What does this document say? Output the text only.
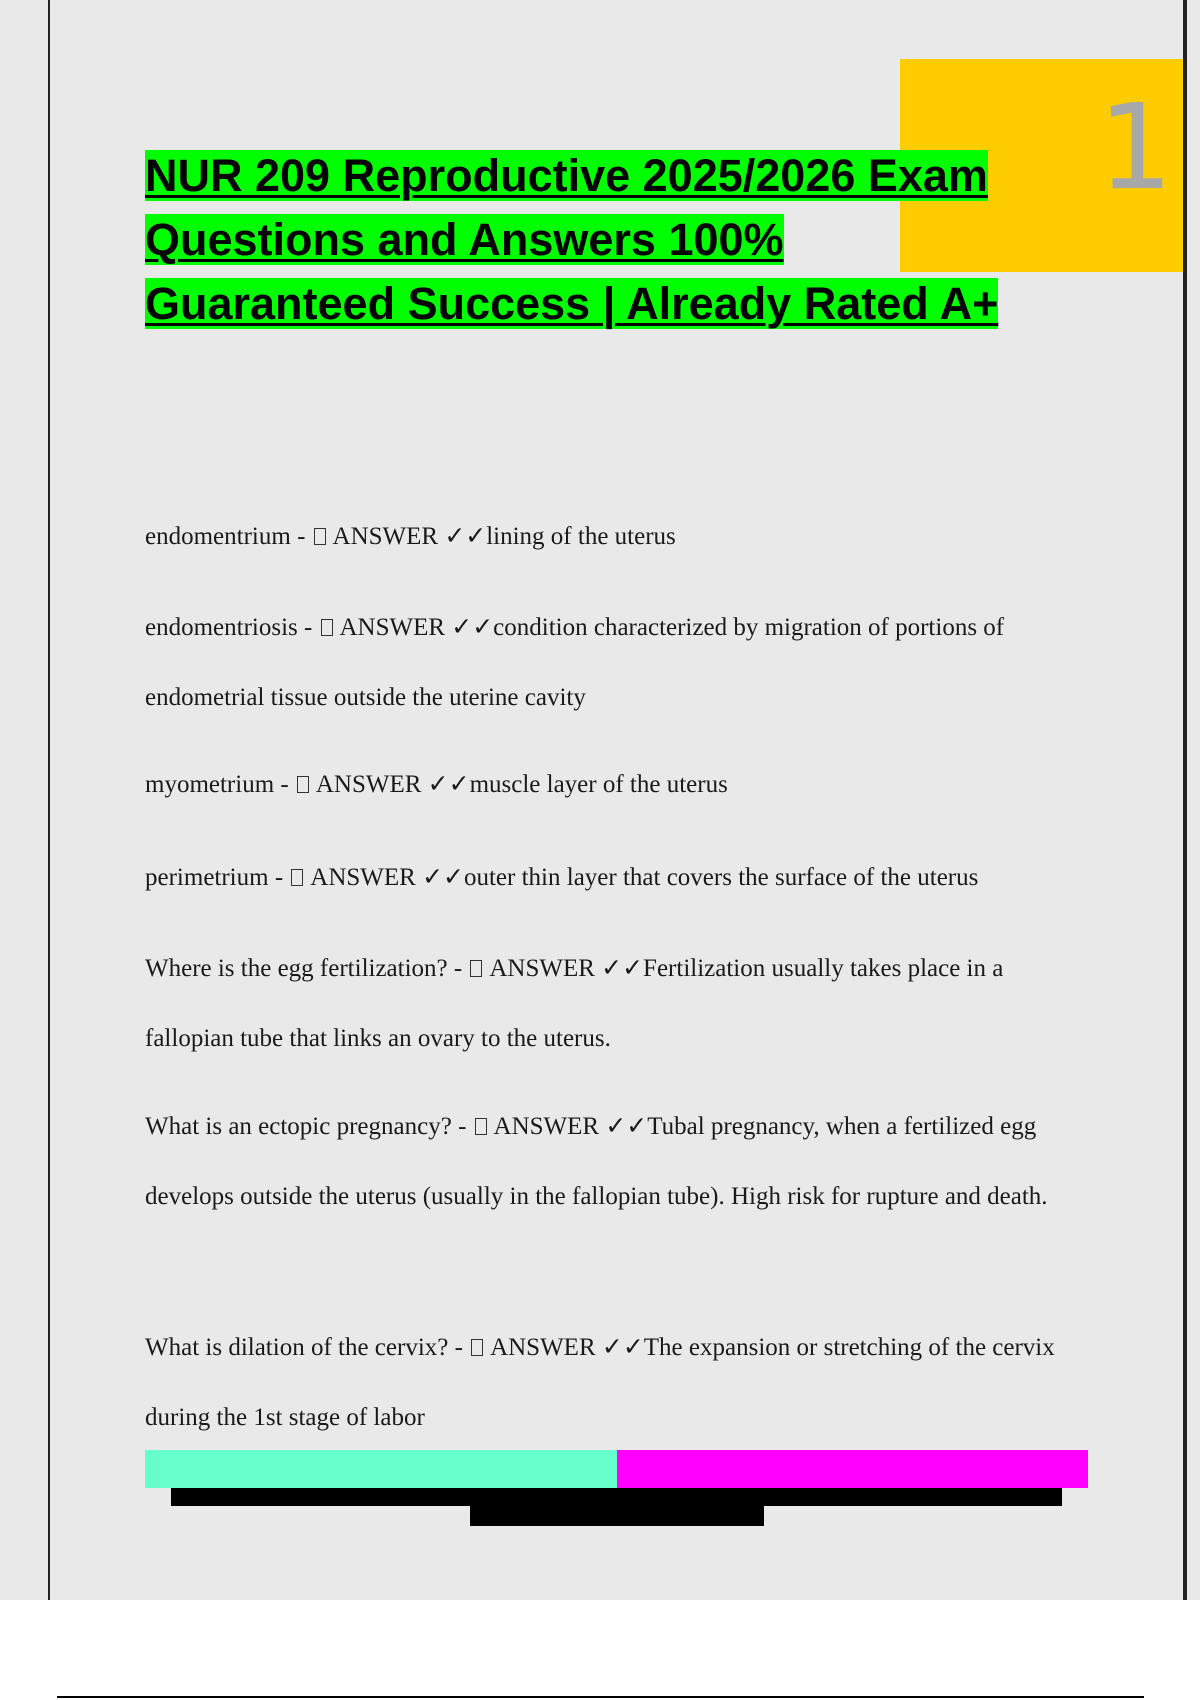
1
NUR 209 Reproductive 2025/2026 Exam
Questions and Answers 100%
Guaranteed Success | Already Rated A+

endomentrium -  ANSWER ✓✓lining of the uterus

endomentriosis -  ANSWER ✓✓condition characterized by migration of portions of endometrial tissue outside the uterine cavity

myometrium -  ANSWER ✓✓muscle layer of the uterus

perimetrium -  ANSWER ✓✓outer thin layer that covers the surface of the uterus

Where is the egg fertilization? -  ANSWER ✓✓Fertilization usually takes place in a fallopian tube that links an ovary to the uterus.

What is an ectopic pregnancy? -  ANSWER ✓✓Tubal pregnancy, when a fertilized egg develops outside the uterus (usually in the fallopian tube). High risk for rupture and death.

What is dilation of the cervix? -  ANSWER ✓✓The expansion or stretching of the cervix during the 1st stage of labor
